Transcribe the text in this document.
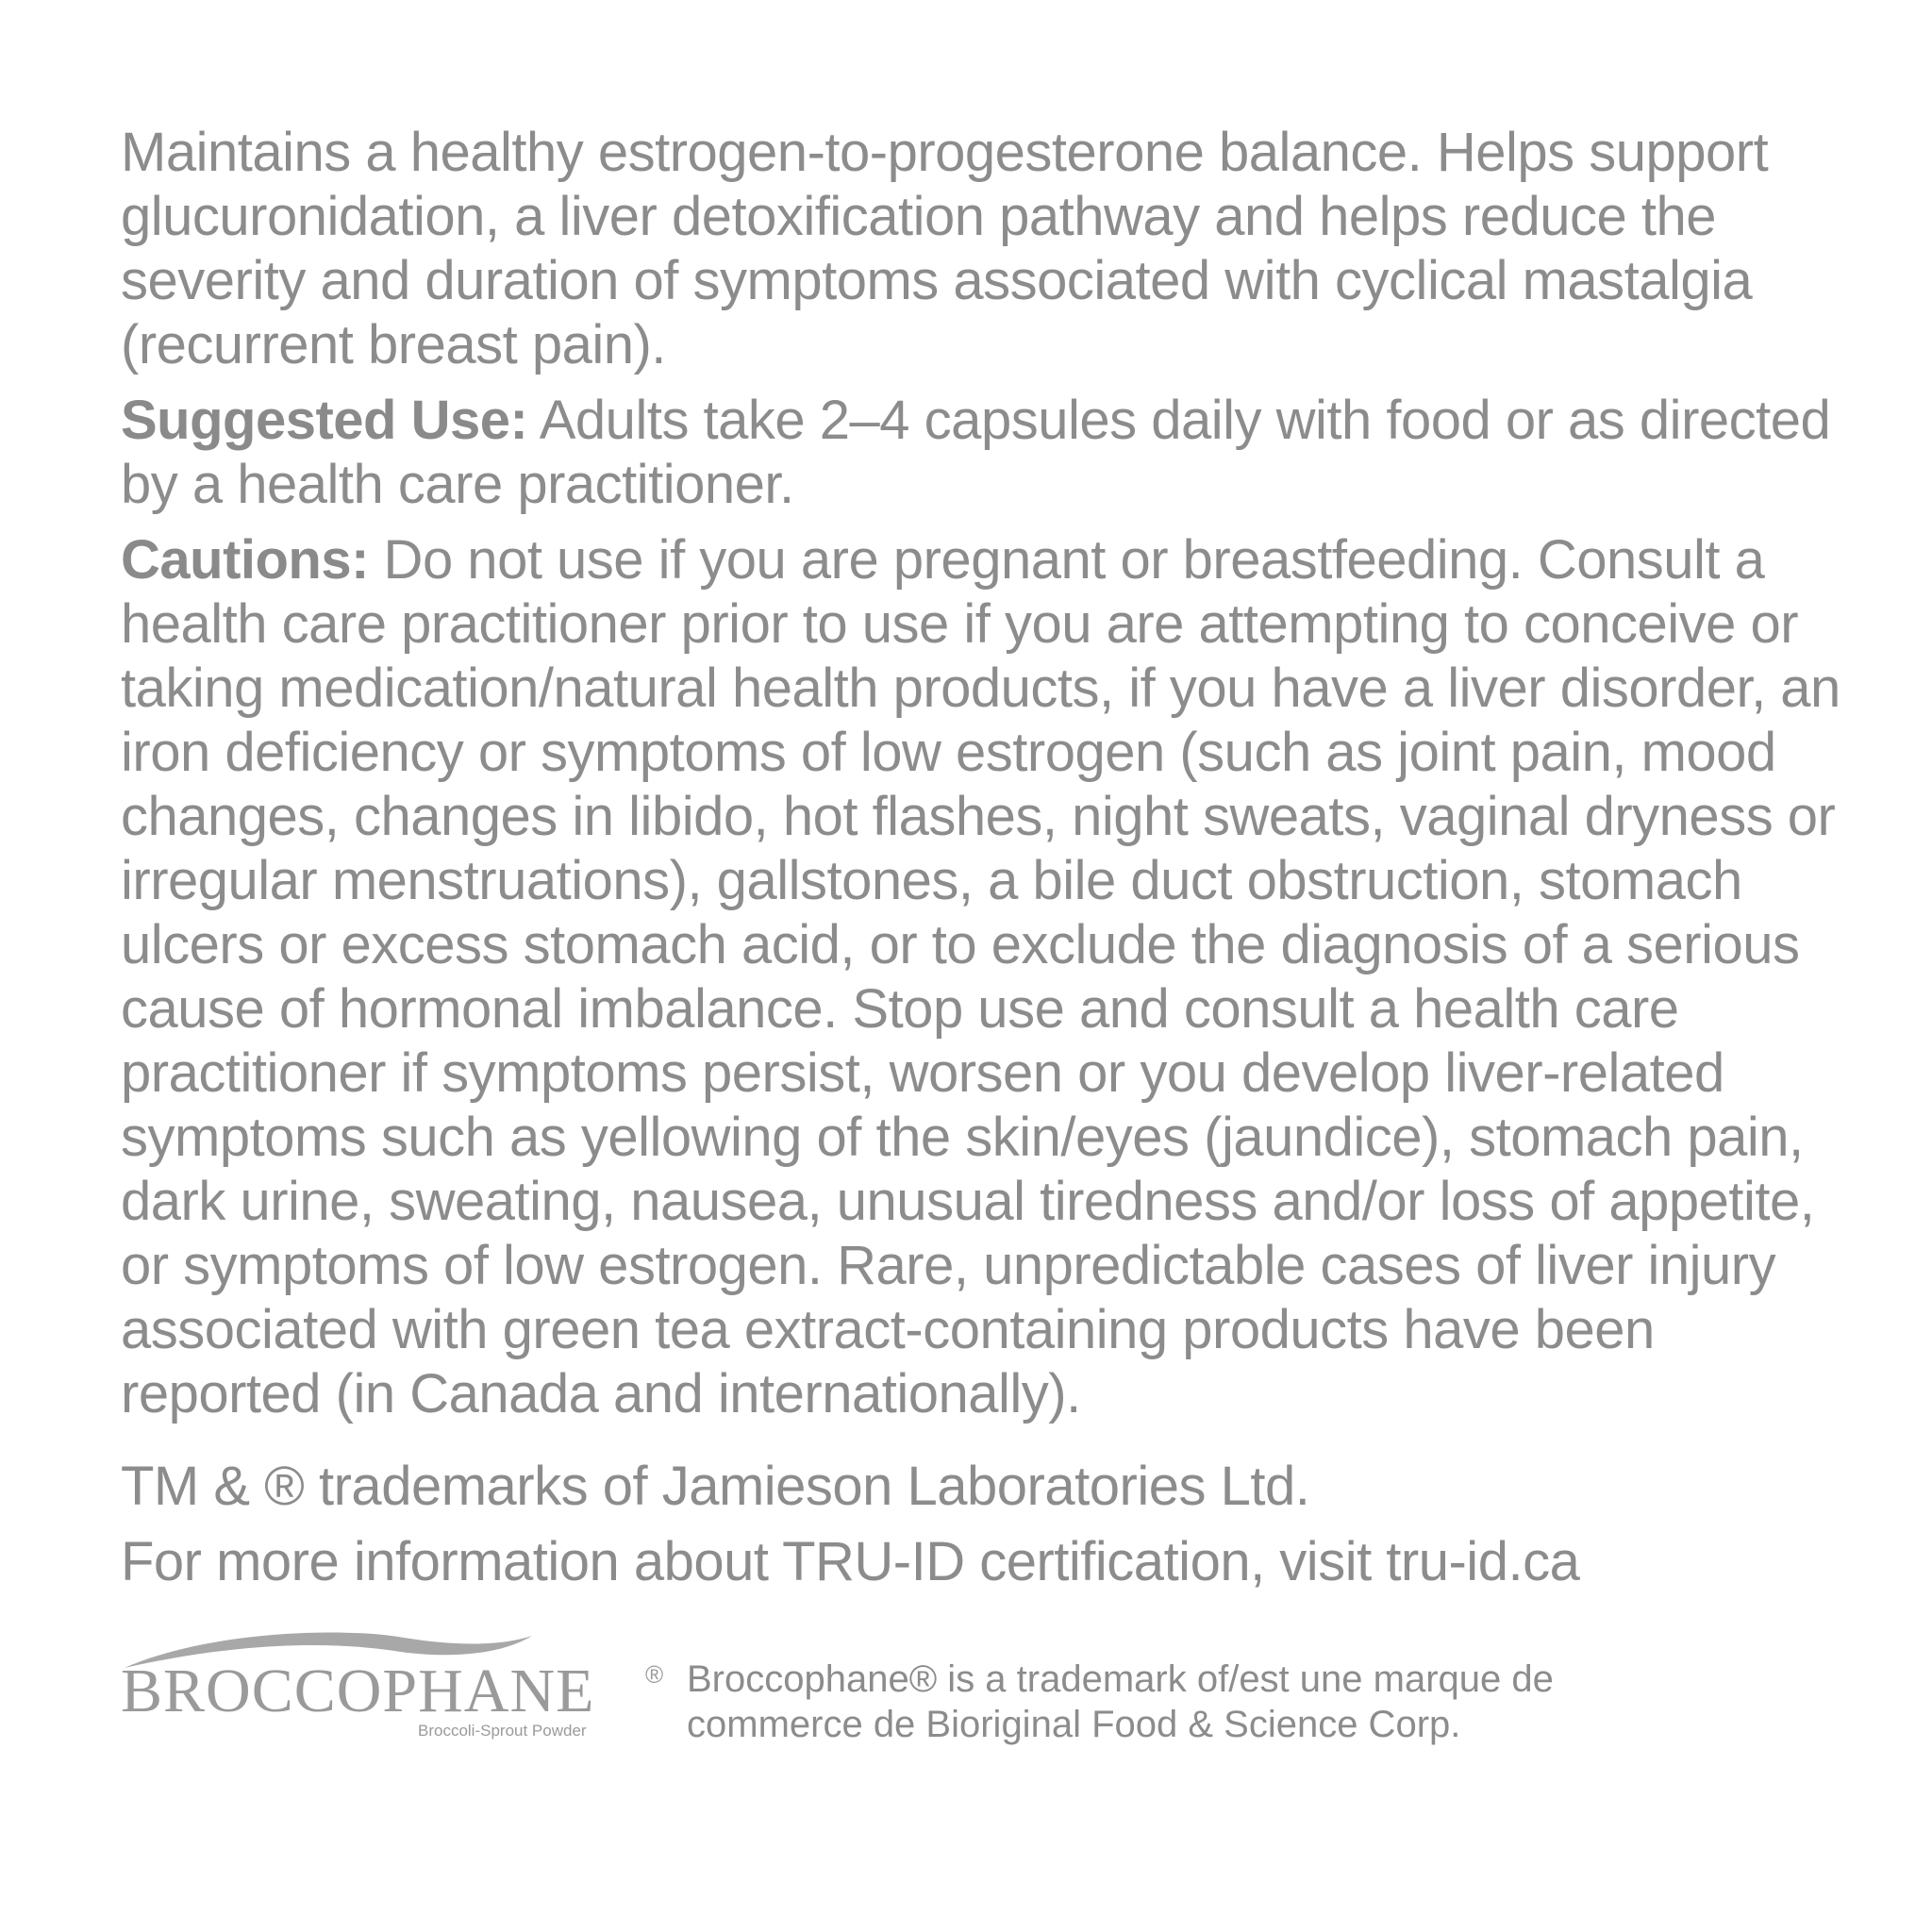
Maintains a healthy estrogen-to-progesterone balance. Helps support glucuronidation, a liver detoxification pathway and helps reduce the severity and duration of symptoms associated with cyclical mastalgia (recurrent breast pain).

Suggested Use: Adults take 2–4 capsules daily with food or as directed by a health care practitioner.

Cautions: Do not use if you are pregnant or breastfeeding. Consult a health care practitioner prior to use if you are attempting to conceive or taking medication/natural health products, if you have a liver disorder, an iron deficiency or symptoms of low estrogen (such as joint pain, mood changes, changes in libido, hot flashes, night sweats, vaginal dryness or irregular menstruations), gallstones, a bile duct obstruction, stomach ulcers or excess stomach acid, or to exclude the diagnosis of a serious cause of hormonal imbalance. Stop use and consult a health care practitioner if symptoms persist, worsen or you develop liver-related symptoms such as yellowing of the skin/eyes (jaundice), stomach pain, dark urine, sweating, nausea, unusual tiredness and/or loss of appetite, or symptoms of low estrogen. Rare, unpredictable cases of liver injury associated with green tea extract-containing products have been reported (in Canada and internationally).

TM & ® trademarks of Jamieson Laboratories Ltd.

For more information about TRU-ID certification, visit tru-id.ca

BROCCOPHANE ®
Broccoli-Sprout Powder
Broccophane® is a trademark of/est une marque de
commerce de Bioriginal Food & Science Corp.
